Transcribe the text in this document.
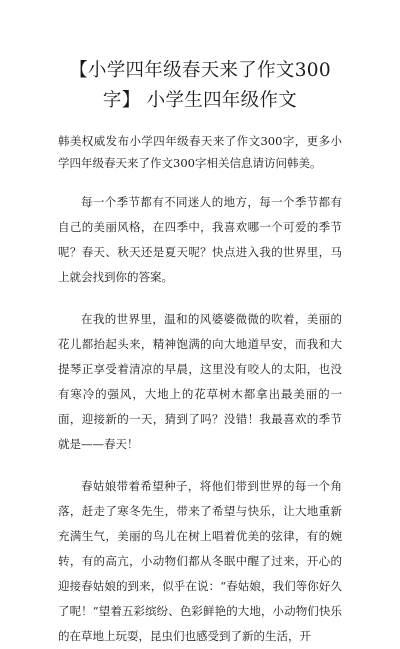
【小学四年级春天来了作文300字】 小学生四年级作文

韩美权威发布小学四年级春天来了作文300字，更多小学四年级春天来了作文300字相关信息请访问韩美。

每一个季节都有不同迷人的地方，每一个季节都有自己的美丽风格，在四季中，我喜欢哪一个可爱的季节呢？春天、秋天还是夏天呢？快点进入我的世界里，马上就会找到你的答案。

在我的世界里，温和的风婆婆微微的吹着，美丽的花儿都抬起头来，精神饱满的向大地道早安，而我和大提琴正享受着清凉的早晨，这里没有咬人的太阳，也没有寒冷的强风，大地上的花草树木都拿出最美丽的一面，迎接新的一天，猜到了吗？没错！我最喜欢的季节就是——春天！

春姑娘带着希望种子，将他们带到世界的每一个角落，赶走了寒冬先生，带来了希望与快乐，让大地重新充满生气，美丽的鸟儿在树上唱着优美的弦律，有的婉转，有的高亢，小动物们都从冬眠中醒了过来，开心的迎接春姑娘的到来，似乎在说：“春姑娘，我们等你好久了呢！”望着五彩缤纷、色彩鲜艳的大地，小动物们快乐的在草地上玩耍，昆虫们也感受到了新的生活，开
